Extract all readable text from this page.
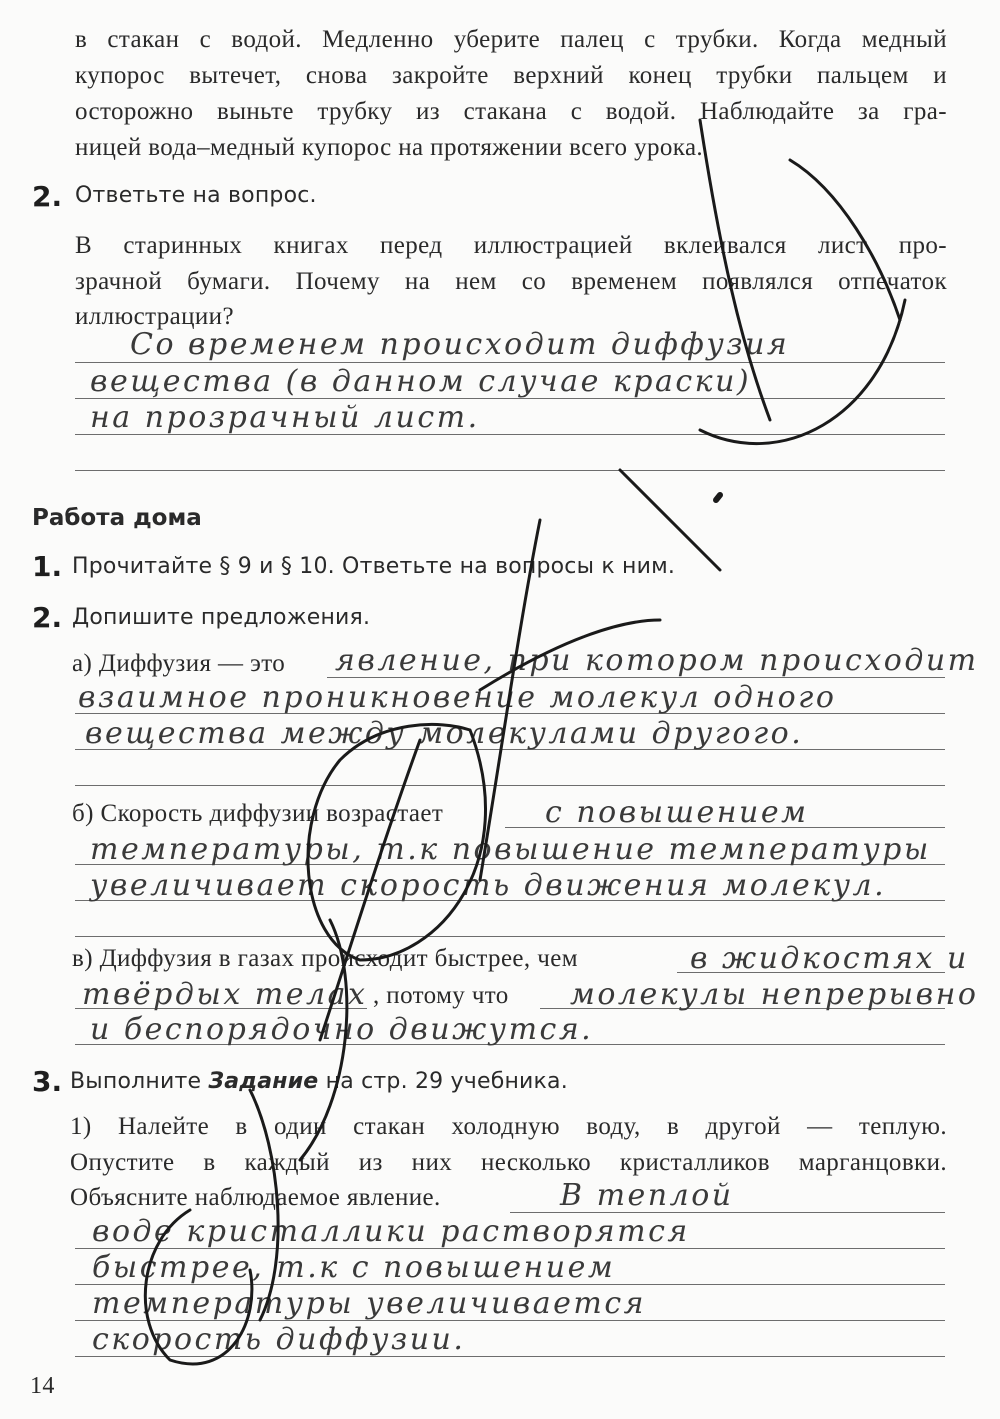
в стакан с водой. Медленно уберите палец с трубки. Когда медный
купорос вытечет, снова закройте верхний конец трубки пальцем и
осторожно выньте трубку из стакана с водой. Наблюдайте за гра-
ницей вода–медный купорос на протяжении всего урока.
2. Ответьте на вопрос.
В старинных книгах перед иллюстрацией вклеивался лист про-
зрачной бумаги. Почему на нем со временем появлялся отпечаток
иллюстрации?
Со временем происходит диффузия
вещества (в данном случае краски)
на прозрачный лист.
Работа дома
1. Прочитайте § 9 и § 10. Ответьте на вопросы к ним.
2. Допишите предложения.
а) Диффузия — это явление, при котором происходит
взаимное проникновение молекул одного
вещества между молекулами другого.
б) Скорость диффузии возрастает	с повышением
температуры, т.к повышение температуры
увеличивает скорость движения молекул.
в) Диффузия в газах происходит быстрее, чем
, потому что
в жидкостях и
твёрдых телах	молекулы непрерывно
и беспорядочно движутся.
3. Выполните Задание на стр. 29 учебника.
1) Налейте в один стакан холодную воду, в другой — теплую.
Опустите в каждый из них несколько кристалликов марганцовки.
Объясните наблюдаемое явление.	В теплой
воде кристаллики растворятся
быстрее, т.к с повышением
температуры увеличивается
скорость диффузии.
14
